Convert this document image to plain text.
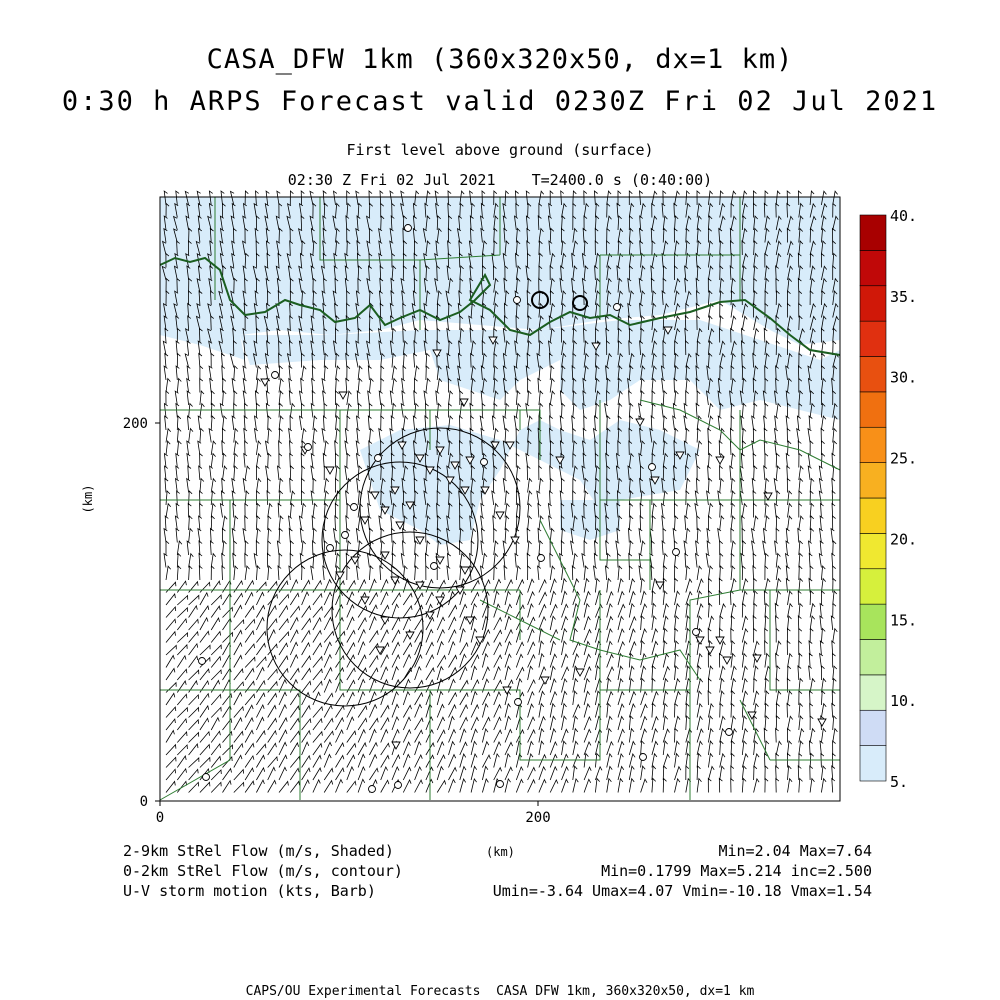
0	200
0
200
(km)
5.
10.
15.
20.
25.
30.
35.
40.
CASA_DFW 1km (360x320x50, dx=1 km)
0:30 h ARPS Forecast valid 0230Z Fri 02 Jul 2021
First level above ground (surface)
02:30 Z Fri 02 Jul 2021    T=2400.0 s (0:40:00)
2-9km StRel Flow (m/s, Shaded)	(km)	Min=2.04 Max=7.64
0-2km StRel Flow (m/s, contour)	Min=0.1799 Max=5.214 inc=2.500
U-V storm motion (kts, Barb)	Umin=-3.64 Umax=4.07 Vmin=-10.18 Vmax=1.54
CAPS/OU Experimental Forecasts  CASA DFW 1km, 360x320x50, dx=1 km
